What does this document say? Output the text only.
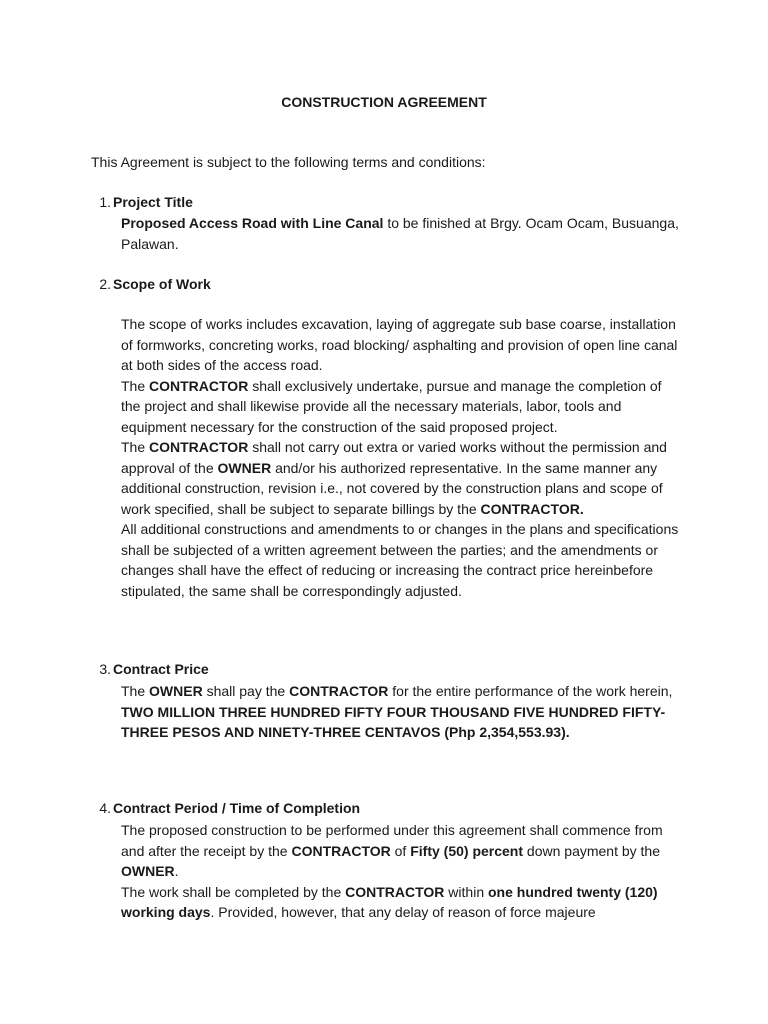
CONSTRUCTION AGREEMENT
This Agreement is subject to the following terms and conditions:
1. Project Title

Proposed Access Road with Line Canal to be finished at Brgy. Ocam Ocam, Busuanga, Palawan.

2. Scope of Work

The scope of works includes excavation, laying of aggregate sub base coarse, installation of formworks, concreting works, road blocking/ asphalting and provision of open line canal at both sides of the access road.

The CONTRACTOR shall exclusively undertake, pursue and manage the completion of the project and shall likewise provide all the necessary materials, labor, tools and equipment necessary for the construction of the said proposed project.

The CONTRACTOR shall not carry out extra or varied works without the permission and approval of the OWNER and/or his authorized representative. In the same manner any additional construction, revision i.e., not covered by the construction plans and scope of work specified, shall be subject to separate billings by the CONTRACTOR.

All additional constructions and amendments to or changes in the plans and specifications shall be subjected of a written agreement between the parties; and the amendments or changes shall have the effect of reducing or increasing the contract price hereinbefore stipulated, the same shall be correspondingly adjusted.

3. Contract Price

The OWNER shall pay the CONTRACTOR for the entire performance of the work herein, TWO MILLION THREE HUNDRED FIFTY FOUR THOUSAND FIVE HUNDRED FIFTY-THREE PESOS AND NINETY-THREE CENTAVOS (Php 2,354,553.93).

4. Contract Period / Time of Completion

The proposed construction to be performed under this agreement shall commence from and after the receipt by the CONTRACTOR of Fifty (50) percent down payment by the OWNER.

The work shall be completed by the CONTRACTOR within one hundred twenty (120) working days. Provided, however, that any delay of reason of force majeure
